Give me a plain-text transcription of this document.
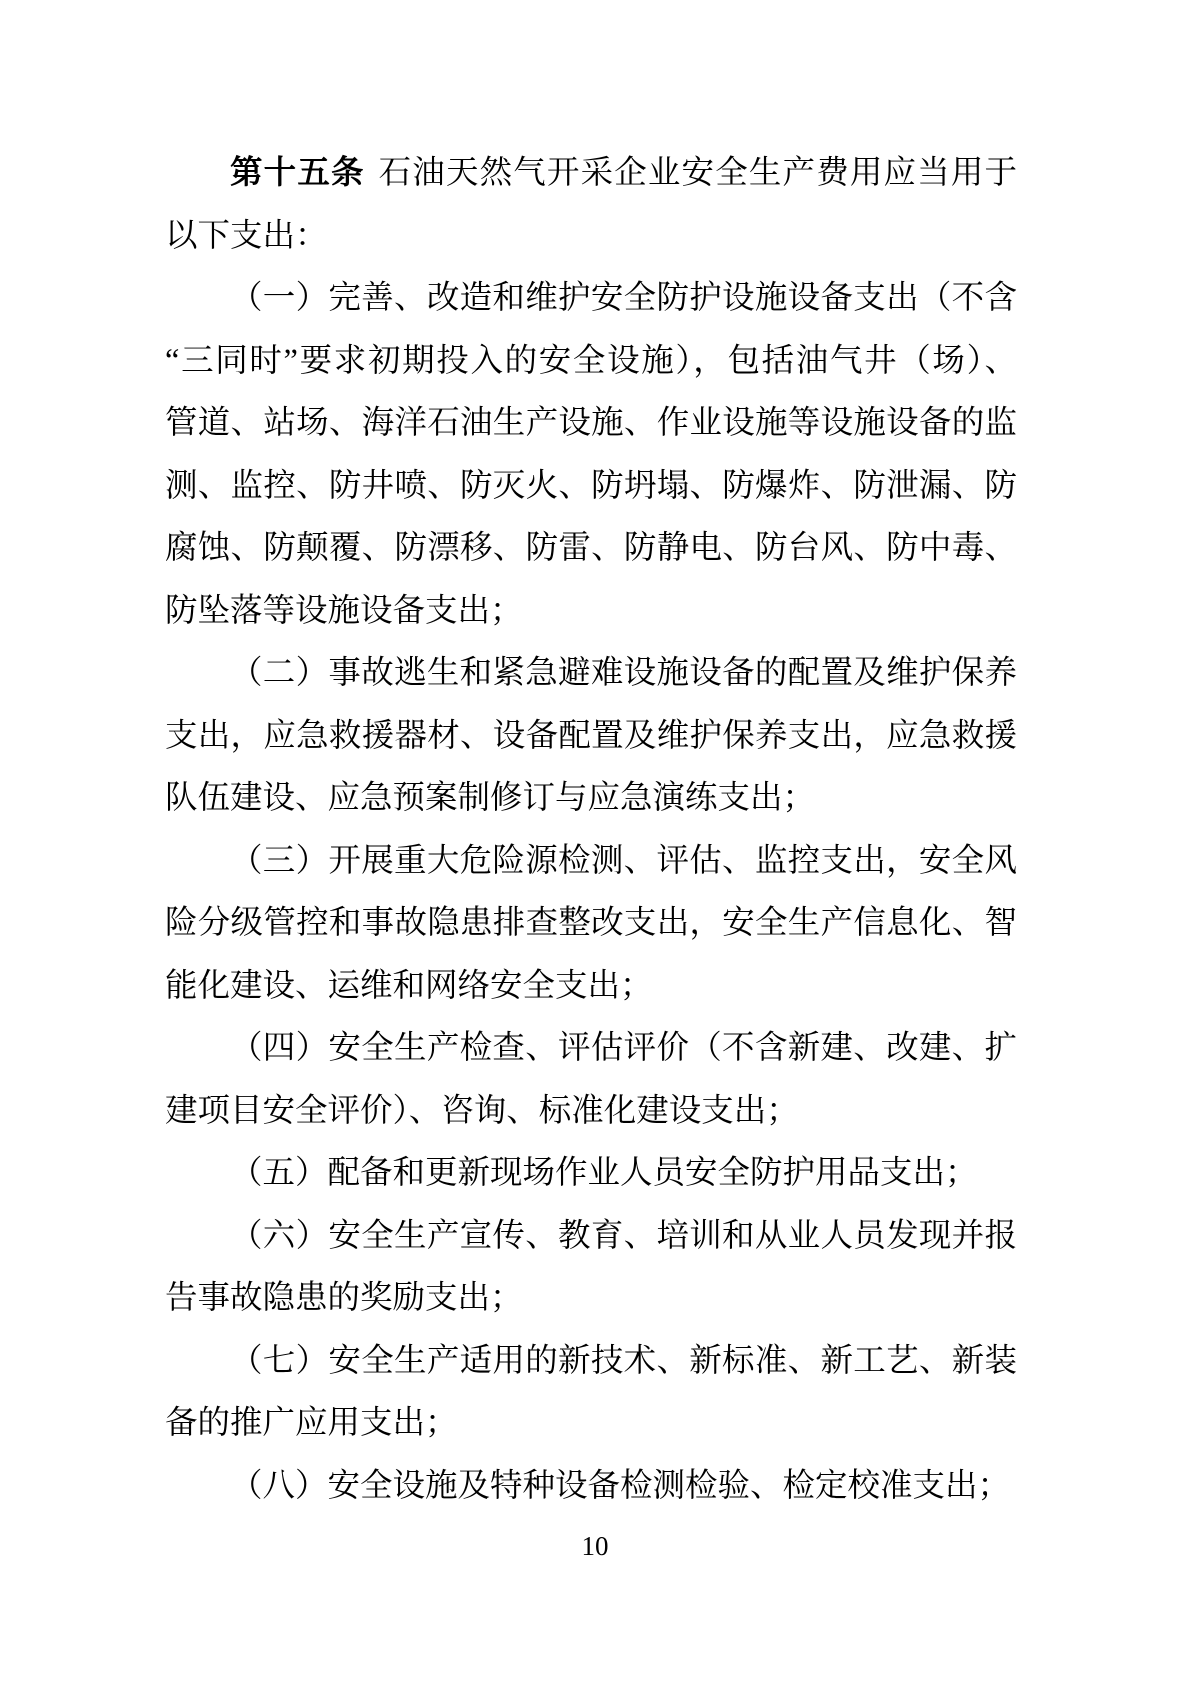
第十五条 石油天然气开采企业安全生产费用应当用于
以下支出：
（一）完善、改造和维护安全防护设施设备支出（不含
“三同时”要求初期投入的安全设施），包括油气井（场）、
管道、站场、海洋石油生产设施、作业设施等设施设备的监
测、监控、防井喷、防灭火、防坍塌、防爆炸、防泄漏、防
腐蚀、防颠覆、防漂移、防雷、防静电、防台风、防中毒、
防坠落等设施设备支出；
（二）事故逃生和紧急避难设施设备的配置及维护保养
支出，应急救援器材、设备配置及维护保养支出，应急救援
队伍建设、应急预案制修订与应急演练支出；
（三）开展重大危险源检测、评估、监控支出，安全风
险分级管控和事故隐患排查整改支出，安全生产信息化、智
能化建设、运维和网络安全支出；
（四）安全生产检查、评估评价（不含新建、改建、扩
建项目安全评价）、咨询、标准化建设支出；
（五）配备和更新现场作业人员安全防护用品支出；
（六）安全生产宣传、教育、培训和从业人员发现并报
告事故隐患的奖励支出；
（七）安全生产适用的新技术、新标准、新工艺、新装
备的推广应用支出；
（八）安全设施及特种设备检测检验、检定校准支出；
10
